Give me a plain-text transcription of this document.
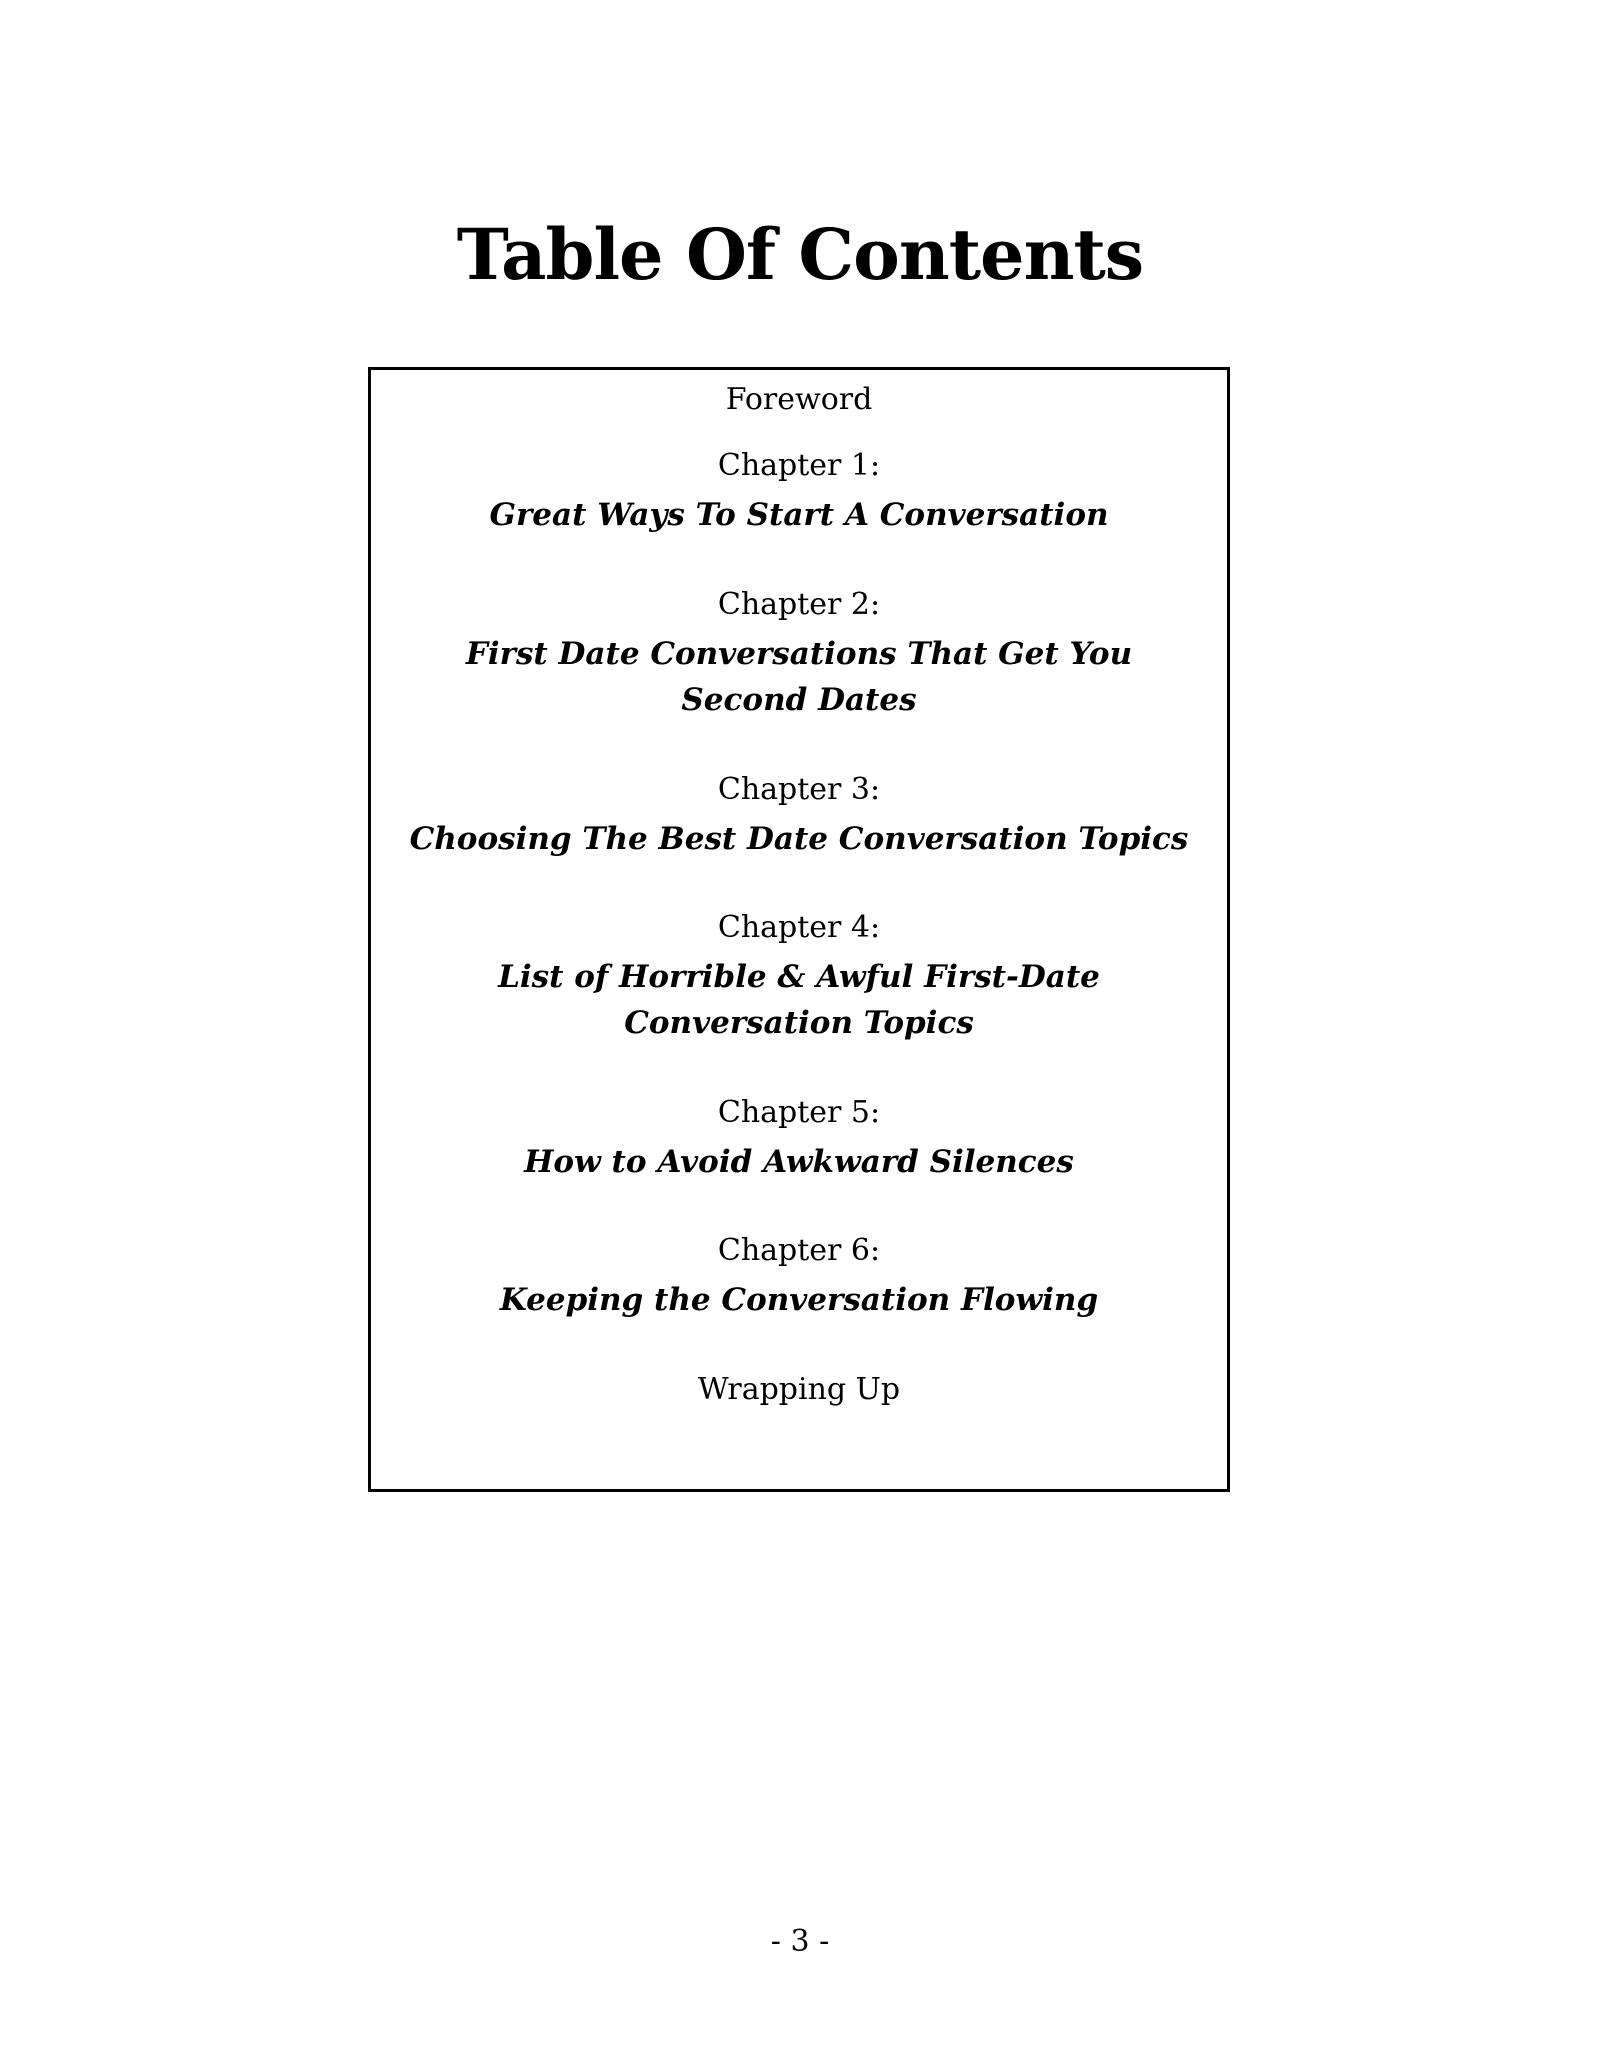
Table Of Contents
Foreword
Chapter 1:
Great Ways To Start A Conversation
Chapter 2:
First Date Conversations That Get You Second Dates
Chapter 3:
Choosing The Best Date Conversation Topics
Chapter 4:
List of Horrible & Awful First-Date Conversation Topics
Chapter 5:
How to Avoid Awkward Silences
Chapter 6:
Keeping the Conversation Flowing
Wrapping Up
- 3 -
